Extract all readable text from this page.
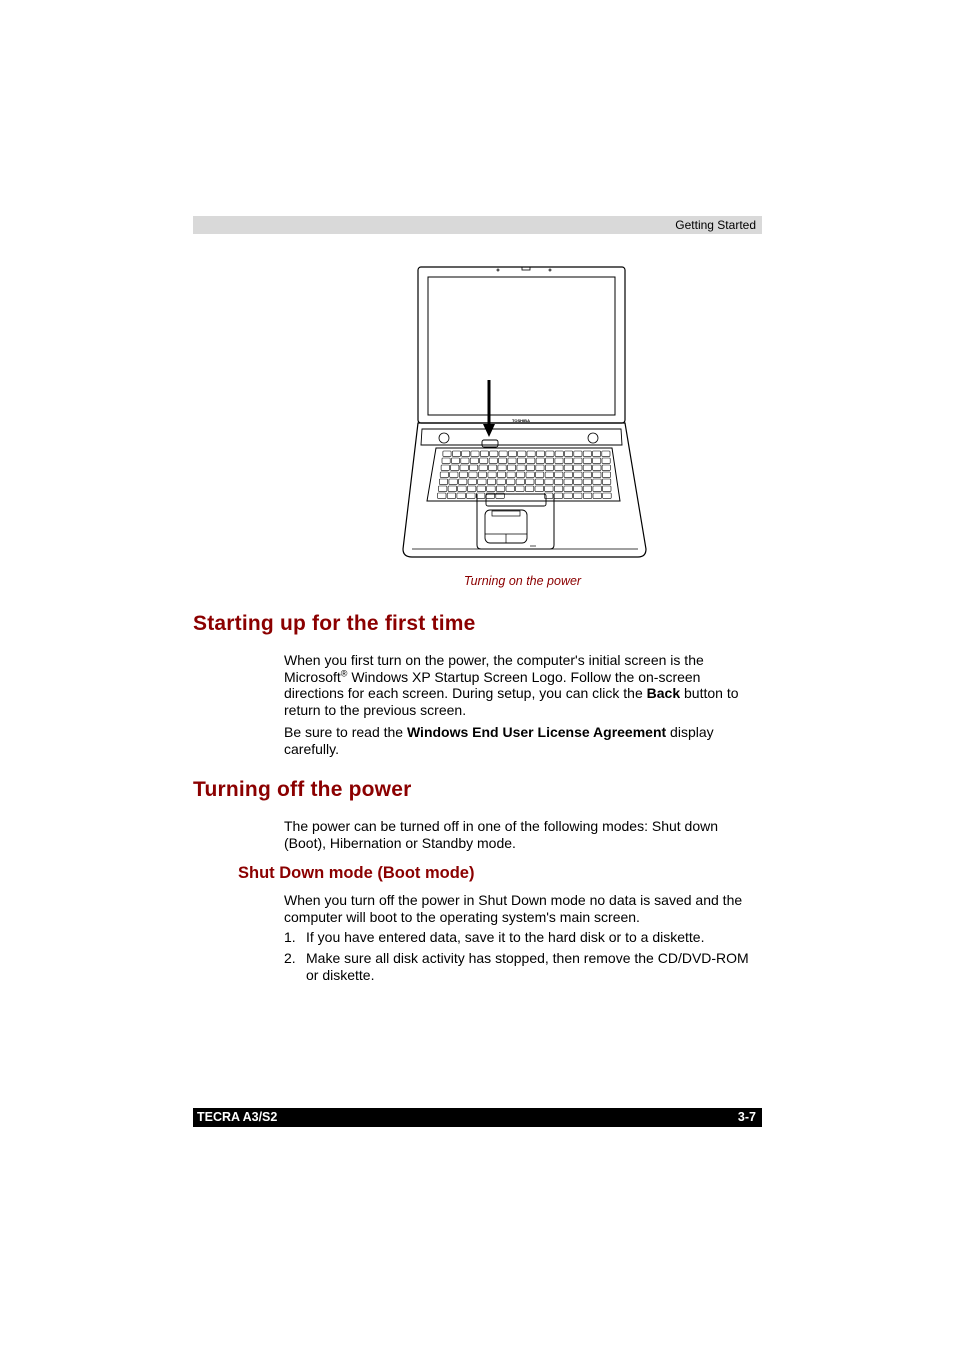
Getting Started
TOSHIBA
Turning on the power
Starting up for the first time

When you first turn on the power, the computer's initial screen is the Microsoft® Windows XP Startup Screen Logo. Follow the on-screen directions for each screen. During setup, you can click the Back button to return to the previous screen.

Be sure to read the Windows End User License Agreement display carefully.

Turning off the power

The power can be turned off in one of the following modes: Shut down (Boot), Hibernation or Standby mode.

Shut Down mode (Boot mode)

When you turn off the power in Shut Down mode no data is saved and the computer will boot to the operating system's main screen.

1. If you have entered data, save it to the hard disk or to a diskette.
2. Make sure all disk activity has stopped, then remove the CD/DVD-ROM or diskette.
TECRA A3/S2	3-7
